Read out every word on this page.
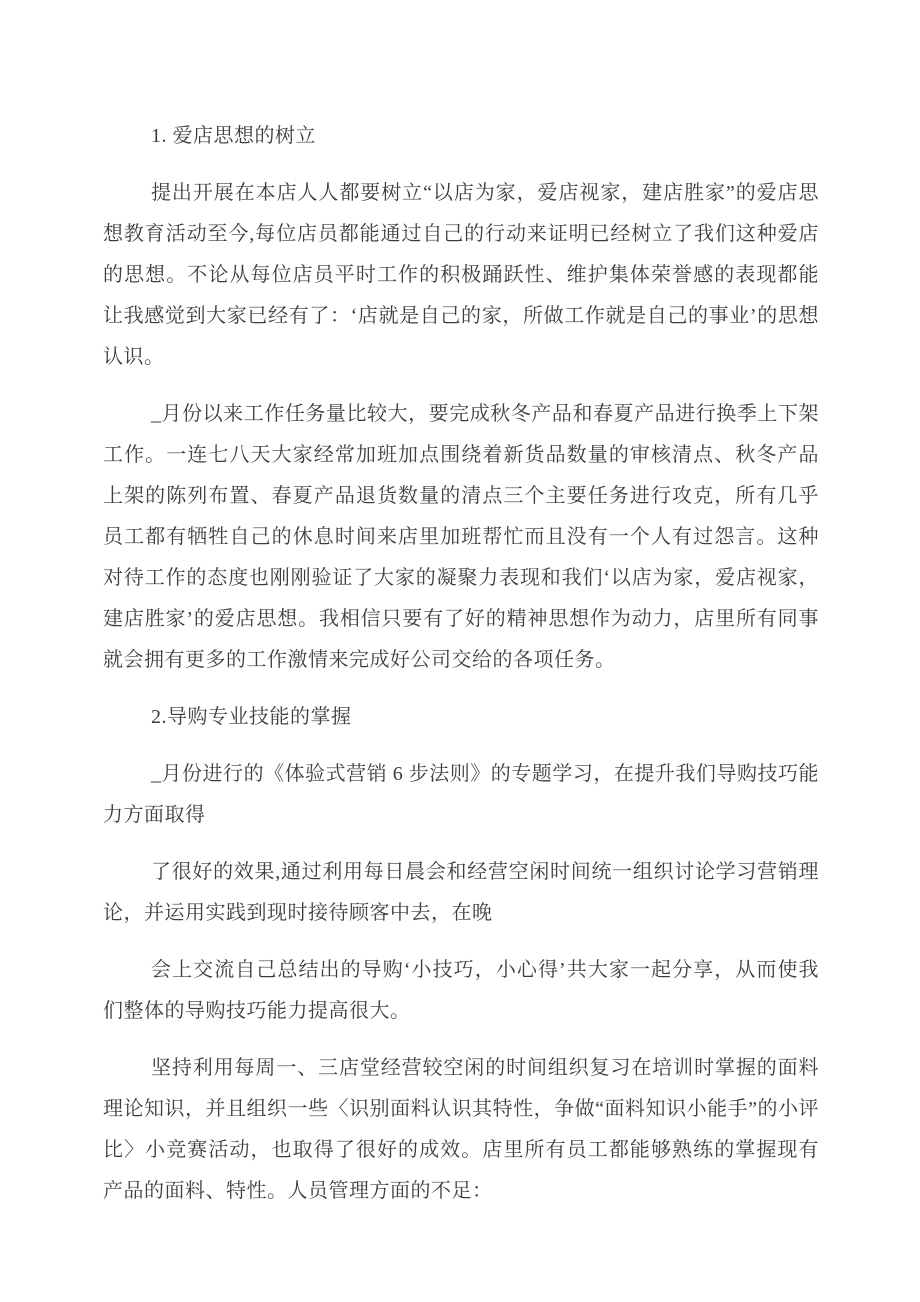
1. 爱店思想的树立

提出开展在本店人人都要树立“以店为家，爱店视家，建店胜家”的爱店思想教育活动至今,每位店员都能通过自己的行动来证明已经树立了我们这种爱店的思想。不论从每位店员平时工作的积极踊跃性、维护集体荣誉感的表现都能让我感觉到大家已经有了：‘店就是自己的家，所做工作就是自己的事业’的思想认识。

_月份以来工作任务量比较大，要完成秋冬产品和春夏产品进行换季上下架工作。一连七八天大家经常加班加点围绕着新货品数量的审核清点、秋冬产品上架的陈列布置、春夏产品退货数量的清点三个主要任务进行攻克，所有几乎员工都有牺牲自己的休息时间来店里加班帮忙而且没有一个人有过怨言。这种对待工作的态度也刚刚验证了大家的凝聚力表现和我们‘以店为家，爱店视家，建店胜家’的爱店思想。我相信只要有了好的精神思想作为动力，店里所有同事就会拥有更多的工作激情来完成好公司交给的各项任务。

2.导购专业技能的掌握

_月份进行的《体验式营销 6 步法则》的专题学习，在提升我们导购技巧能力方面取得

了很好的效果,通过利用每日晨会和经营空闲时间统一组织讨论学习营销理论，并运用实践到现时接待顾客中去，在晚

会上交流自己总结出的导购‘小技巧，小心得’共大家一起分享，从而使我们整体的导购技巧能力提高很大。

坚持利用每周一、三店堂经营较空闲的时间组织复习在培训时掌握的面料理论知识，并且组织一些〈识别面料认识其特性，争做“面料知识小能手”的小评比〉小竞赛活动，也取得了很好的成效。店里所有员工都能够熟练的掌握现有产品的面料、特性。人员管理方面的不足：
